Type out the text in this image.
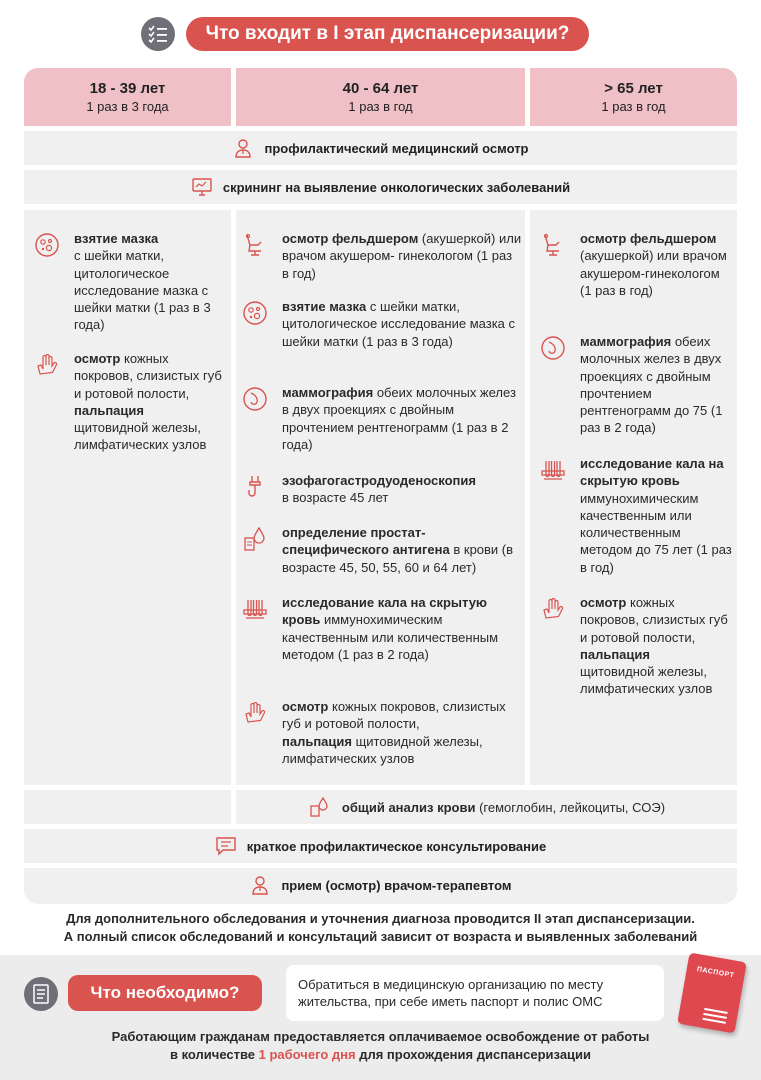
Что входит в I этап диспансеризации?
18 - 39 лет
1 раз в 3 года
40 - 64 лет
1 раз в год
> 65 лет
1 раз в год
профилактический медицинский осмотр
скрининг на выявление онкологических заболеваний
взятие мазка
с шейки матки, цитологическое исследование мазка с шейки матки (1 раз в 3 года)
осмотр кожных покровов, слизистых губ и ротовой полости,
пальпация
щитовидной железы, лимфатических узлов
осмотр фельдшером (акушеркой) или врачом акушером- гинекологом (1 раз в год)
взятие мазка с шейки матки, цитологическое исследование мазка с шейки матки (1 раз в 3 года)
маммография обеих молочных желез в двух проекциях с двойным прочтением рентгенограмм (1 раз в 2 года)
эзофагогастродуоденоскопия
в возрасте 45 лет
определение простат-специфического антигена в крови (в возрасте 45, 50, 55, 60 и 64 лет)
исследование кала на скрытую кровь иммунохимическим качественным или количественным методом (1 раз в 2 года)
осмотр кожных покровов, слизистых губ и ротовой полости,
пальпация щитовидной железы, лимфатических узлов
осмотр фельдшером (акушеркой) или врачом акушером-гинекологом (1 раз в год)
маммография обеих молочных желез в двух проекциях с двойным прочтением рентгенограмм до 75 (1 раз в 2 года)
исследование кала на скрытую кровь иммунохимическим качественным или количественным методом до 75 лет (1 раз в год)
осмотр кожных покровов, слизистых губ и ротовой полости,
пальпация
щитовидной железы, лимфатических узлов
общий анализ крови (гемоглобин, лейкоциты, СОЭ)
краткое профилактическое консультирование
прием (осмотр) врачом-терапевтом
Для дополнительного обследования и уточнения диагноза проводится II этап диспансеризации.
А полный список обследований и консультаций зависит от возраста и выявленных заболеваний
Что необходимо?	Обратиться в медицинскую организацию по месту жительства, при себе иметь паспорт и полис ОМС
ПАСПОРТ
Работающим гражданам предоставляется оплачиваемое освобождение от работы
в количестве 1 рабочего дня для прохождения диспансеризации
